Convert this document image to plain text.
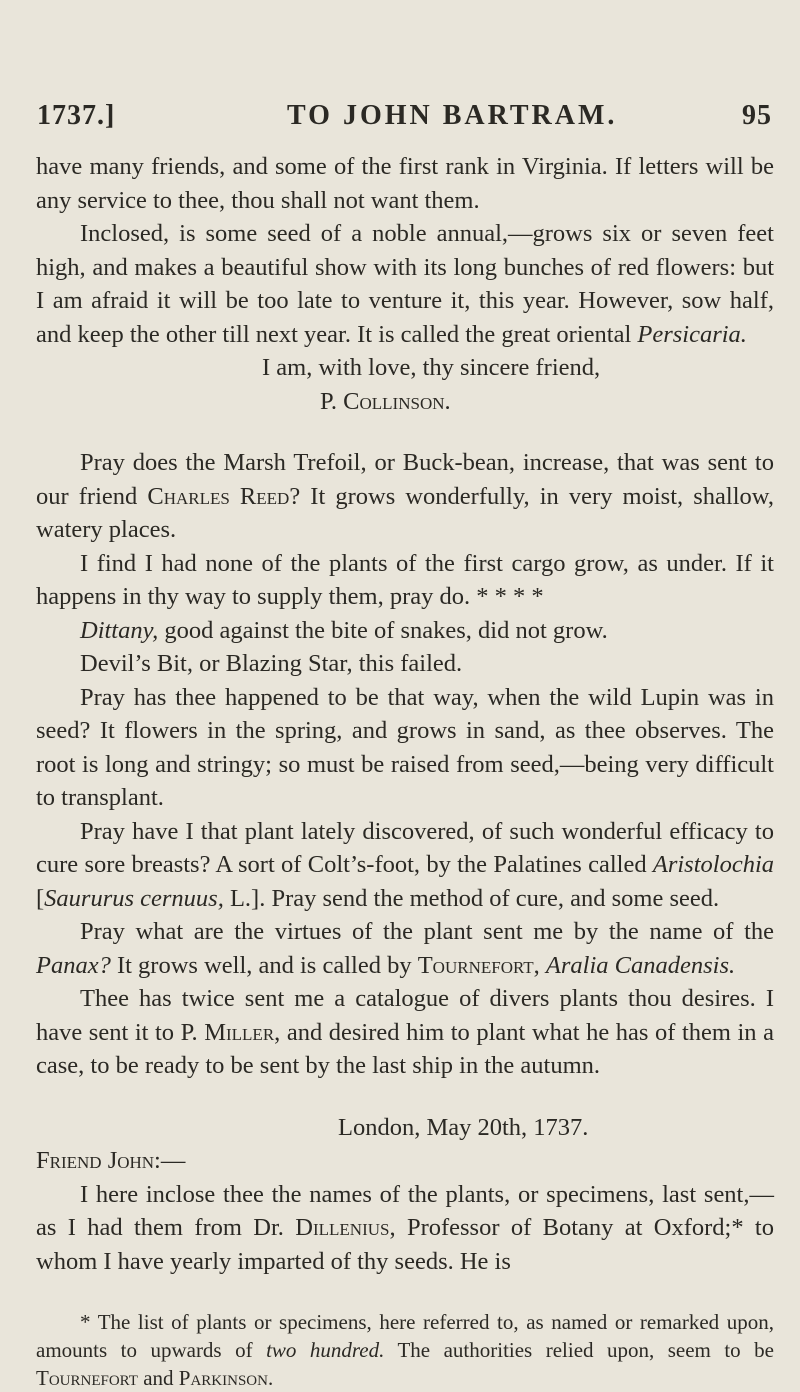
1737.]	TO JOHN BARTRAM.	95

have many friends, and some of the first rank in Virginia. If letters will be any service to thee, thou shall not want them.

Inclosed, is some seed of a noble annual,—grows six or seven feet high, and makes a beautiful show with its long bunches of red flowers: but I am afraid it will be too late to venture it, this year. However, sow half, and keep the other till next year. It is called the great oriental Persicaria.

I am, with love, thy sincere friend,

P. Collinson.

Pray does the Marsh Trefoil, or Buck-bean, increase, that was sent to our friend Charles Reed? It grows wonderfully, in very moist, shallow, watery places.

I find I had none of the plants of the first cargo grow, as under. If it happens in thy way to supply them, pray do. * * * *

Dittany, good against the bite of snakes, did not grow.

Devil’s Bit, or Blazing Star, this failed.

Pray has thee happened to be that way, when the wild Lupin was in seed? It flowers in the spring, and grows in sand, as thee observes. The root is long and stringy; so must be raised from seed,—being very difficult to transplant.

Pray have I that plant lately discovered, of such wonderful efficacy to cure sore breasts? A sort of Colt’s-foot, by the Palatines called Aristolochia [Saururus cernuus, L.]. Pray send the method of cure, and some seed.

Pray what are the virtues of the plant sent me by the name of the Panax? It grows well, and is called by Tournefort, Aralia Canadensis.

Thee has twice sent me a catalogue of divers plants thou desires. I have sent it to P. Miller, and desired him to plant what he has of them in a case, to be ready to be sent by the last ship in the autumn.

London, May 20th, 1737.

Friend John:—

I here inclose thee the names of the plants, or specimens, last sent,—as I had them from Dr. Dillenius, Professor of Botany at Oxford;* to whom I have yearly imparted of thy seeds. He is

* The list of plants or specimens, here referred to, as named or remarked upon, amounts to upwards of two hundred. The authorities relied upon, seem to be Tournefort and Parkinson.
